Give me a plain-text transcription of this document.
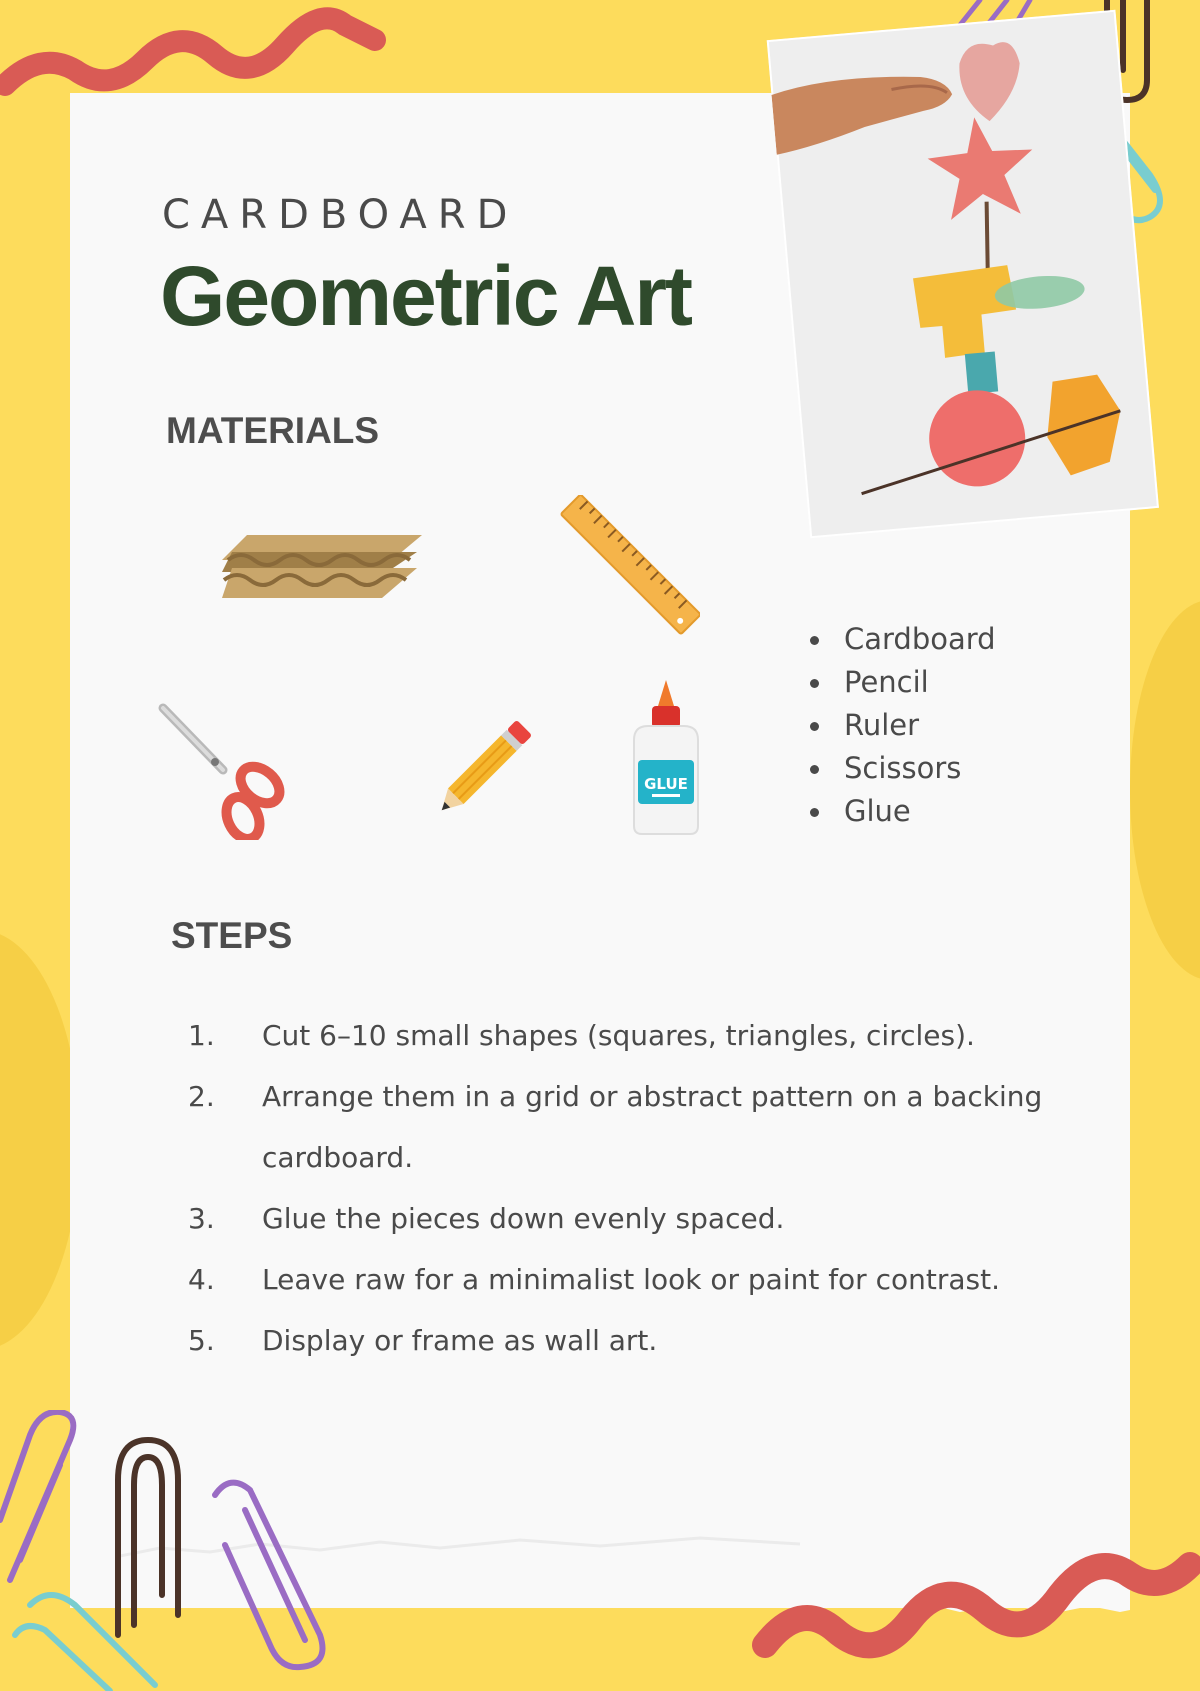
CARDBOARD
Geometric Art
MATERIALS
GLUE
Cardboard
Pencil
Ruler
Scissors
Glue
STEPS
1. Cut 6–10 small shapes (squares, triangles, circles).
2. Arrange them in a grid or abstract pattern on a backing cardboard.
3. Glue the pieces down evenly spaced.
4. Leave raw for a minimalist look or paint for contrast.
5. Display or frame as wall art.
